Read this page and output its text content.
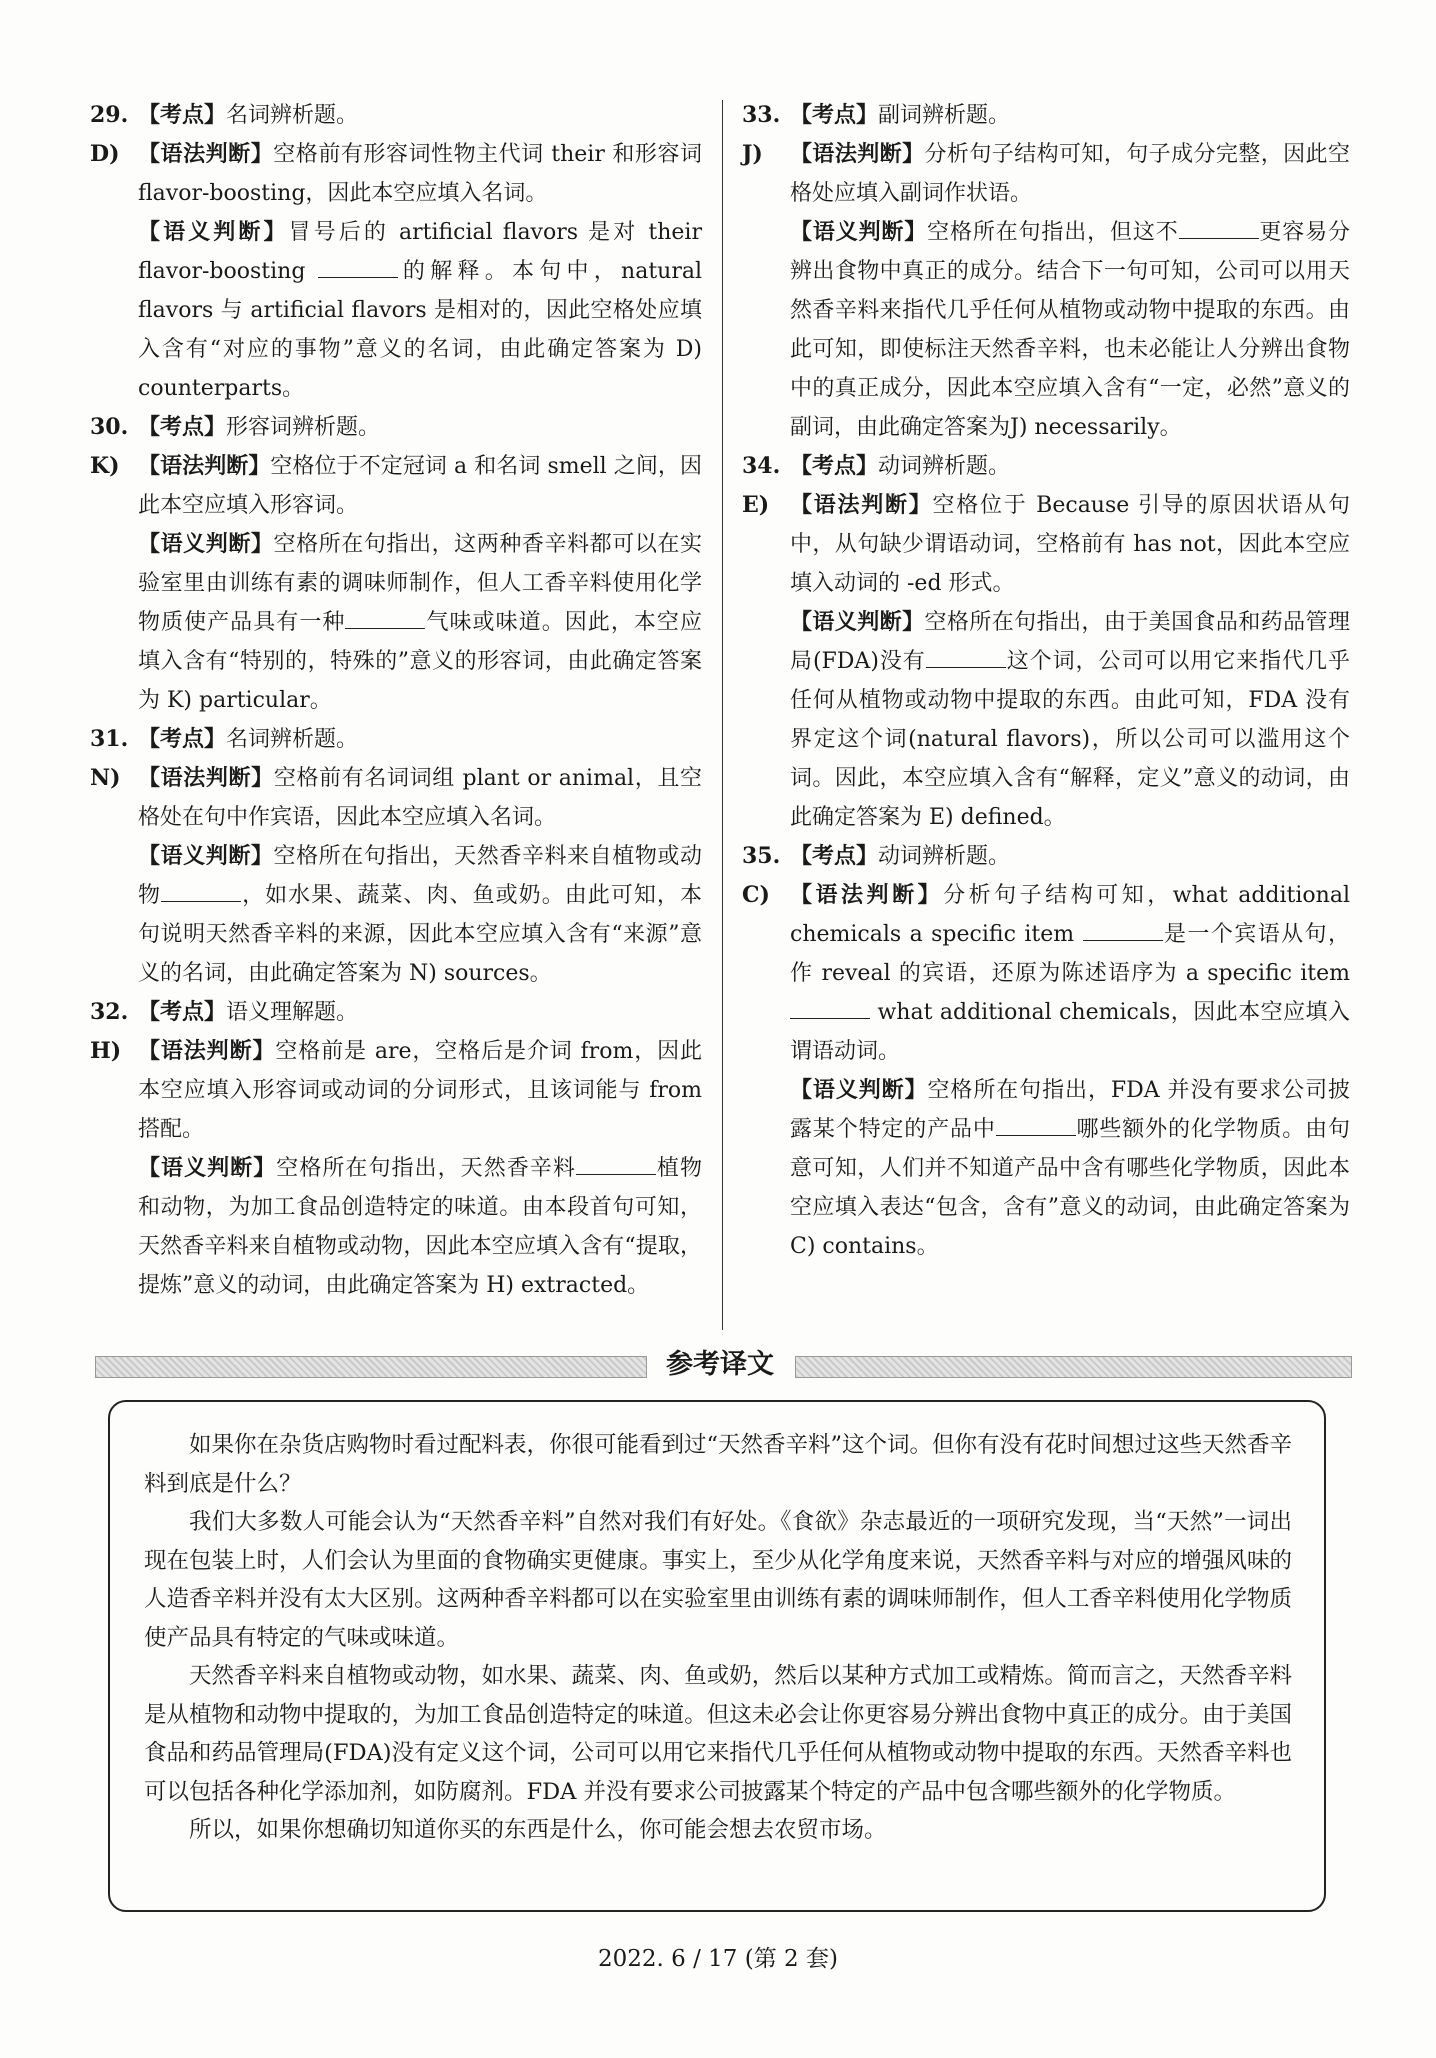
29. 【考点】名词辨析题。

D) 【语法判断】空格前有形容词性物主代词 their 和形容词 flavor-boosting，因此本空应填入名词。

【语义判断】冒号后的 artificial flavors 是对 their flavor-boosting	的解释。本句中，natural flavors 与 artificial flavors 是相对的，因此空格处应填入含有“对应的事物”意义的名词，由此确定答案为 D) counterparts。

30. 【考点】形容词辨析题。

K) 【语法判断】空格位于不定冠词 a 和名词 smell 之间，因此本空应填入形容词。

【语义判断】空格所在句指出，这两种香辛料都可以在实验室里由训练有素的调味师制作，但人工香辛料使用化学物质使产品具有一种	气味或味道。因此，本空应填入含有“特别的，特殊的”意义的形容词，由此确定答案为 K) particular。

31. 【考点】名词辨析题。

N) 【语法判断】空格前有名词词组 plant or animal，且空格处在句中作宾语，因此本空应填入名词。

【语义判断】空格所在句指出，天然香辛料来自植物或动物	，如水果、蔬菜、肉、鱼或奶。由此可知，本句说明天然香辛料的来源，因此本空应填入含有“来源”意义的名词，由此确定答案为 N) sources。

32. 【考点】语义理解题。

H) 【语法判断】空格前是 are，空格后是介词 from，因此本空应填入形容词或动词的分词形式，且该词能与 from 搭配。

【语义判断】空格所在句指出，天然香辛料	植物和动物，为加工食品创造特定的味道。由本段首句可知，天然香辛料来自植物或动物，因此本空应填入含有“提取，提炼”意义的动词，由此确定答案为 H) extracted。

33. 【考点】副词辨析题。

J) 【语法判断】分析句子结构可知，句子成分完整，因此空格处应填入副词作状语。

【语义判断】空格所在句指出，但这不	更容易分辨出食物中真正的成分。结合下一句可知，公司可以用天然香辛料来指代几乎任何从植物或动物中提取的东西。由此可知，即使标注天然香辛料，也未必能让人分辨出食物中的真正成分，因此本空应填入含有“一定，必然”意义的副词，由此确定答案为J) necessarily。

34. 【考点】动词辨析题。

E) 【语法判断】空格位于 Because 引导的原因状语从句中，从句缺少谓语动词，空格前有 has not，因此本空应填入动词的 -ed 形式。

【语义判断】空格所在句指出，由于美国食品和药品管理局(FDA)没有	这个词，公司可以用它来指代几乎任何从植物或动物中提取的东西。由此可知，FDA 没有界定这个词(natural flavors)，所以公司可以滥用这个词。因此，本空应填入含有“解释，定义”意义的动词，由此确定答案为 E) defined。

35. 【考点】动词辨析题。

C) 【语法判断】分析句子结构可知，what additional chemicals a specific item	是一个宾语从句，作 reveal 的宾语，还原为陈述语序为 a specific item  what additional chemicals，因此本空应填入谓语动词。

【语义判断】空格所在句指出，FDA 并没有要求公司披露某个特定的产品中	哪些额外的化学物质。由句意可知，人们并不知道产品中含有哪些化学物质，因此本空应填入表达“包含，含有”意义的动词，由此确定答案为 C) contains。

参考译文

如果你在杂货店购物时看过配料表，你很可能看到过“天然香辛料”这个词。但你有没有花时间想过这些天然香辛料到底是什么？

我们大多数人可能会认为“天然香辛料”自然对我们有好处。《食欲》杂志最近的一项研究发现，当“天然”一词出现在包装上时，人们会认为里面的食物确实更健康。事实上，至少从化学角度来说，天然香辛料与对应的增强风味的人造香辛料并没有太大区别。这两种香辛料都可以在实验室里由训练有素的调味师制作，但人工香辛料使用化学物质使产品具有特定的气味或味道。

天然香辛料来自植物或动物，如水果、蔬菜、肉、鱼或奶，然后以某种方式加工或精炼。简而言之，天然香辛料是从植物和动物中提取的，为加工食品创造特定的味道。但这未必会让你更容易分辨出食物中真正的成分。由于美国食品和药品管理局(FDA)没有定义这个词，公司可以用它来指代几乎任何从植物或动物中提取的东西。天然香辛料也可以包括各种化学添加剂，如防腐剂。FDA 并没有要求公司披露某个特定的产品中包含哪些额外的化学物质。

所以，如果你想确切知道你买的东西是什么，你可能会想去农贸市场。

2022. 6 / 17 (第 2 套)
